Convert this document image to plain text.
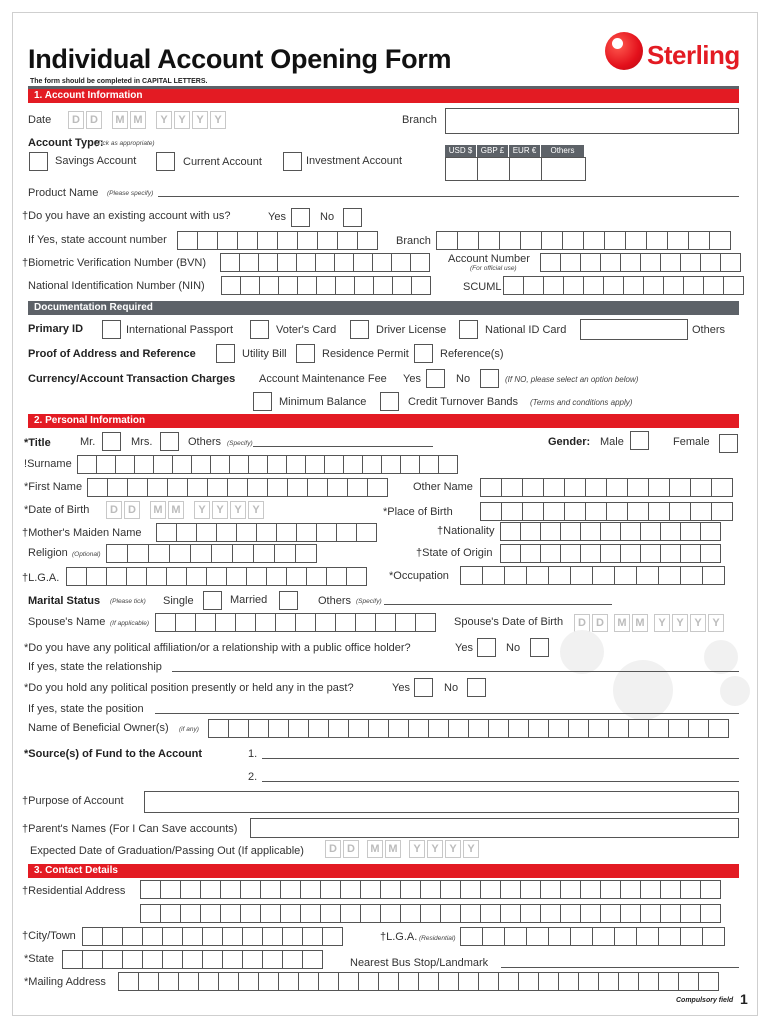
Individual Account Opening Form
The form should be completed in CAPITAL LETTERS.
Sterling
1. Account Information
Date	D D	M M	Y Y Y Y	Branch
Account Type:
(Tick as appropriate)
Savings Account	Current Account	Investment Account
USD $	GBP £	EUR €	Others
Product Name (Please specify)
†Do you have an existing account with us?	Yes	No
If Yes, state account number	Branch
†Biometric Verification Number (BVN)	Account Number
(For official use)
National Identification Number (NIN)	SCUML
Documentation Required
Primary ID	International Passport	Voter's Card	Driver License	National ID Card	Others
Proof of Address and Reference	Utility Bill	Residence Permit	Reference(s)
Currency/Account Transaction Charges Account Maintenance Fee Yes	No	(If NO, please select an option below)
Minimum Balance	Credit Turnover Bands (Terms and conditions apply)
2. Personal Information
*Title	Mr.	Mrs.	Others (Specify)	Gender: Male	Female
!Surname
*First Name	Other Name
*Date of Birth	D D	M M	Y Y Y Y	*Place of Birth
†Mother's Maiden Name	†Nationality
Religion (Optional)	†State of Origin
†L.G.A.	*Occupation
Marital Status (Please tick) Single	Married	Others (Specify)
Spouse's Name (If applicable)	Spouse's Date of Birth	D D	M M	Y Y Y Y
*Do you have any political affiliation/or a relationship with a public office holder?	Yes	No
If yes, state the relationship
*Do you hold any political position presently or held any in the past?	Yes	No
If yes, state the position
Name of Beneficial Owner(s) (if any)
*Source(s) of Fund to the Account	1.
2.
†Purpose of Account
†Parent's Names (For I Can Save accounts)
Expected Date of Graduation/Passing Out (If applicable)	D D	M M	Y Y Y Y
3. Contact Details
†Residential Address
†City/Town	†L.G.A. (Residential)
*State	Nearest Bus Stop/Landmark
*Mailing Address
Compulsory field 1
